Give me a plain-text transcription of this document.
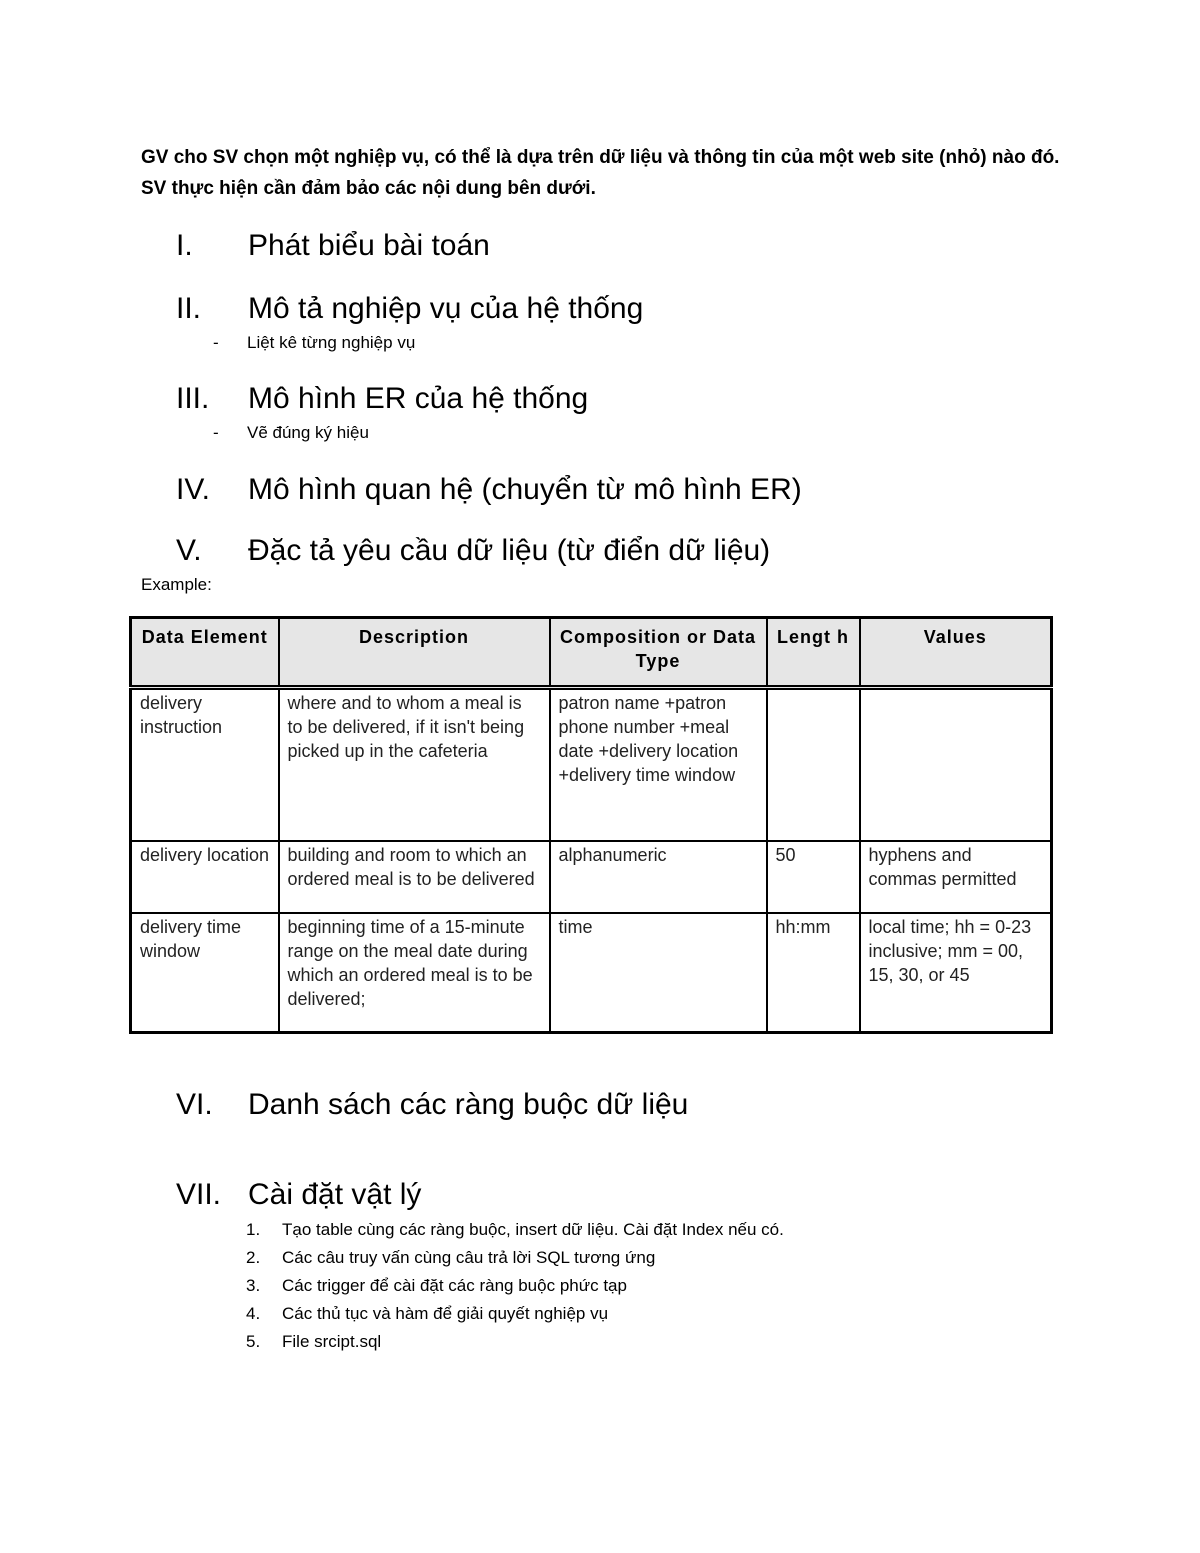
GV cho SV chọn một nghiệp vụ, có thể là dựa trên dữ liệu và thông tin của một web site (nhỏ) nào đó. SV thực hiện cần đảm bảo các nội dung bên dưới.
I. Phát biểu bài toán
II. Mô tả nghiệp vụ của hệ thống
- Liệt kê từng nghiệp vụ
III. Mô hình ER của hệ thống
- Vẽ đúng ký hiệu
IV. Mô hình quan hệ (chuyển từ mô hình ER)
V. Đặc tả yêu cầu dữ liệu (từ điển dữ liệu)
Example:
Data Element	Description	Composition or Data Type	Lengt h	Values
delivery instruction	where and to whom a meal is to be delivered, if it isn't being picked up in the cafeteria	patron name +patron phone number +meal date +delivery location +delivery time window		
delivery location	building and room to which an ordered meal is to be delivered	alphanumeric	50	hyphens and commas permitted
delivery time window	beginning time of a 15-minute range on the meal date during which an ordered meal is to be delivered;	time	hh:mm	local time; hh = 0-23 inclusive; mm = 00, 15, 30, or 45
VI. Danh sách các ràng buộc dữ liệu
VII. Cài đặt vật lý
1. Tạo table cùng các ràng buộc, insert dữ liệu. Cài đặt Index nếu có.
2. Các câu truy vấn cùng câu trả lời SQL tương ứng
3. Các trigger để cài đặt các ràng buộc phức tạp
4. Các thủ tục và hàm để giải quyết nghiệp vụ
5. File srcipt.sql
